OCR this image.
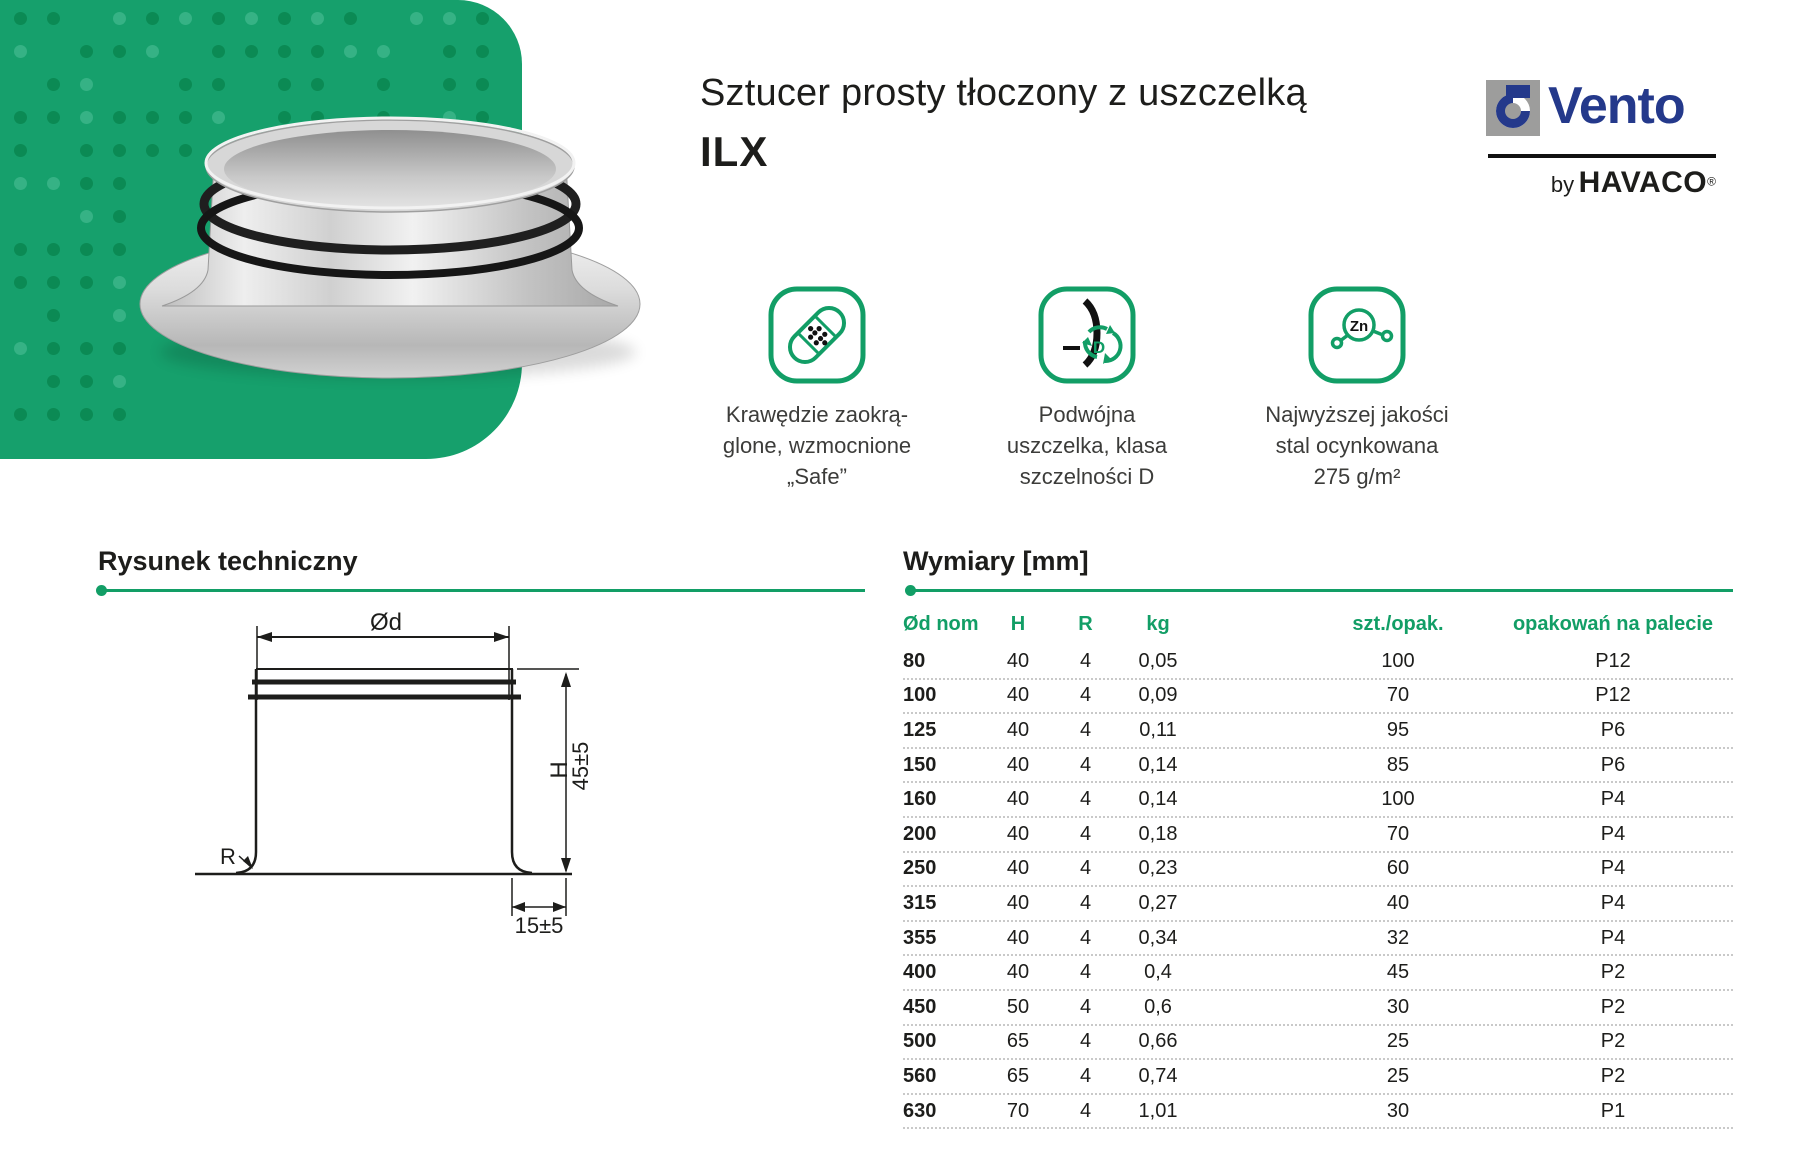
Sztucer prosty tłoczony z uszczelką
ILX
Vento
by HAVACO®
Krawędzie zaokrą-
glone, wzmocnione
„Safe”
D
Podwójna
uszczelka, klasa
szczelności D
Zn
Najwyższej jakości
stal ocynkowana
275 g/m²
Rysunek techniczny	Wymiary [mm]
Ød
H
45±5
R
15±5
Ød nom	H	R	kg	szt./opak.	opakowań na palecie
80	40	4	0,05	100	P12
100	40	4	0,09	70	P12
125	40	4	0,11	95	P6
150	40	4	0,14	85	P6
160	40	4	0,14	100	P4
200	40	4	0,18	70	P4
250	40	4	0,23	60	P4
315	40	4	0,27	40	P4
355	40	4	0,34	32	P4
400	40	4	0,4	45	P2
450	50	4	0,6	30	P2
500	65	4	0,66	25	P2
560	65	4	0,74	25	P2
630	70	4	1,01	30	P1
